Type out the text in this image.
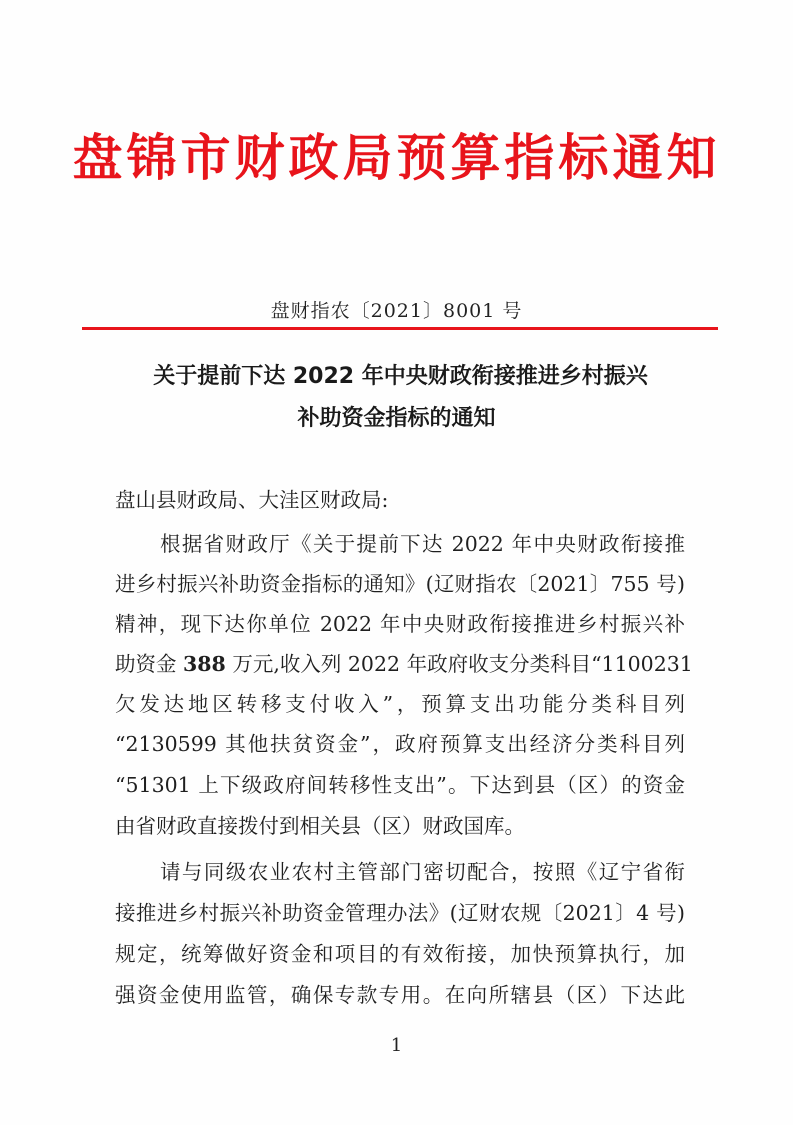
盘锦市财政局预算指标通知
盘财指农〔2021〕8001 号
关于提前下达 2022 年中央财政衔接推进乡村振兴
补助资金指标的通知
盘山县财政局、大洼区财政局:
根据省财政厅《关于提前下达 2022 年中央财政衔接推
进乡村振兴补助资金指标的通知》(辽财指农〔2021〕755 号)
精神，现下达你单位 2022 年中央财政衔接推进乡村振兴补
助资金 388 万元,收入列 2022 年政府收支分类科目“1100231
欠发达地区转移支付收入”，预算支出功能分类科目列
“2130599 其他扶贫资金”，政府预算支出经济分类科目列
“51301 上下级政府间转移性支出”。下达到县（区）的资金
由省财政直接拨付到相关县（区）财政国库。
请与同级农业农村主管部门密切配合，按照《辽宁省衔
接推进乡村振兴补助资金管理办法》(辽财农规〔2021〕4 号)
规定，统筹做好资金和项目的有效衔接，加快预算执行，加
强资金使用监管，确保专款专用。在向所辖县（区）下达此
1
